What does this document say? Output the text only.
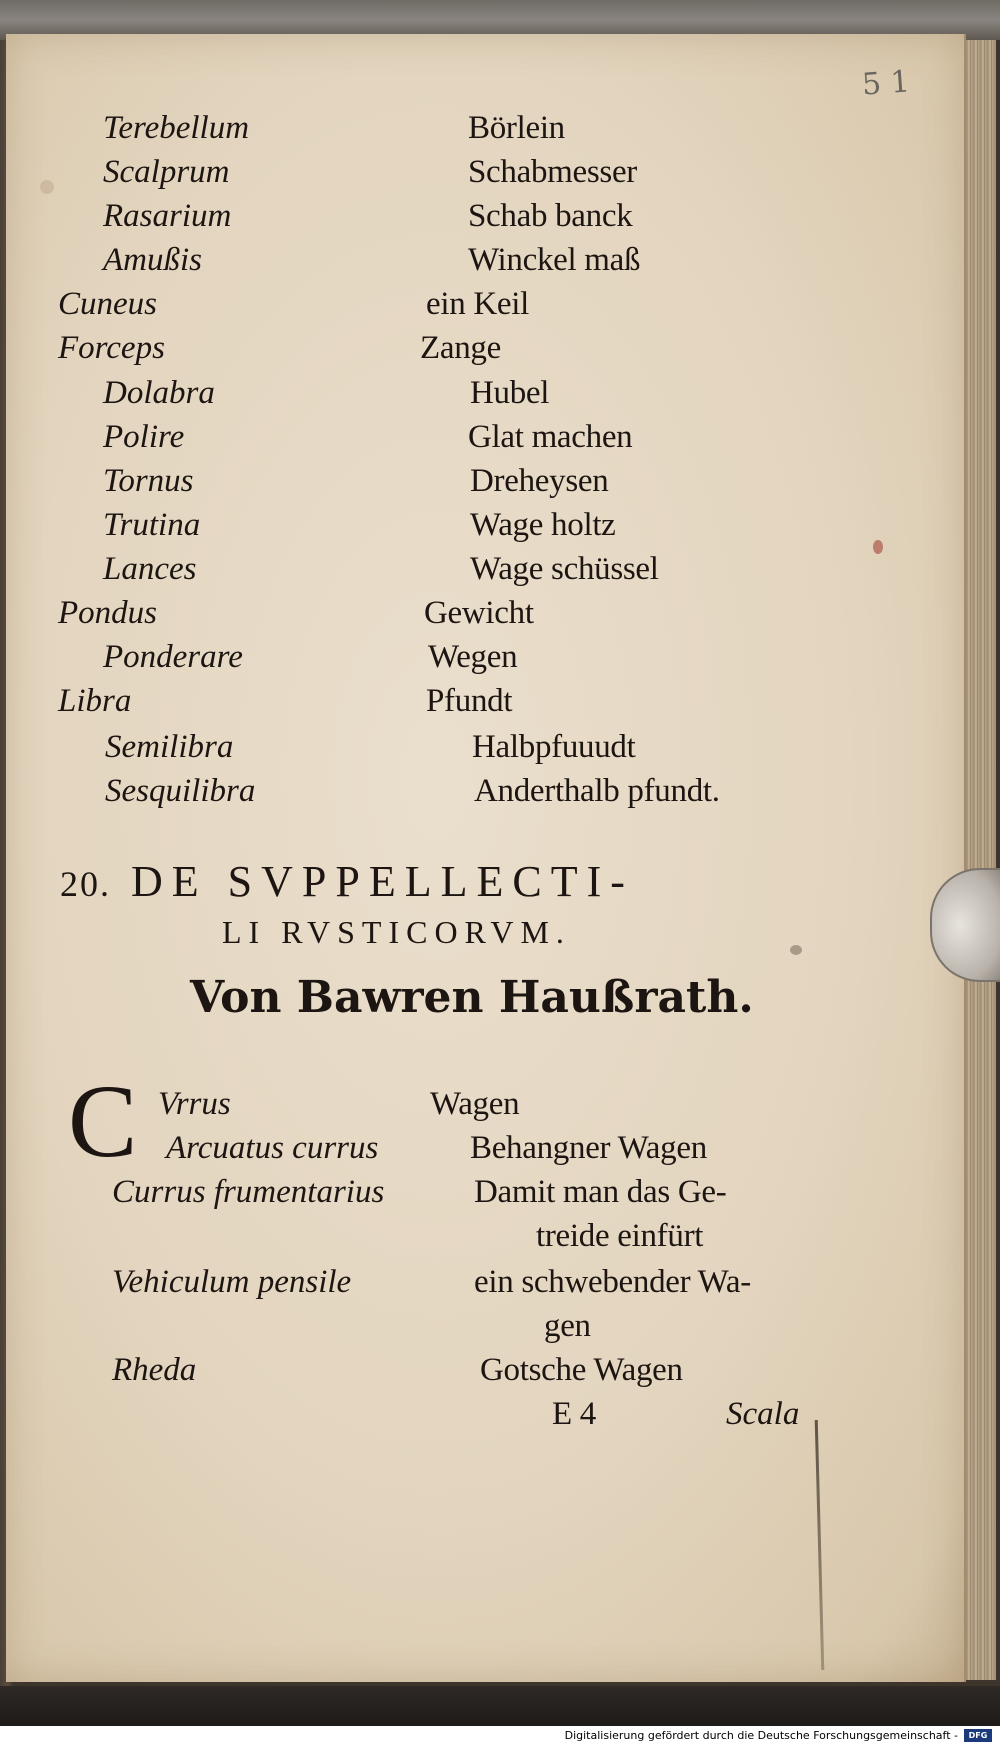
5 1
Terebellum	Börlein
Scalprum	Schabmesser
Rasarium	Schab banck
Amußis	Winckel maß
Cuneus	ein Keil
Forceps	Zange
Dolabra	Hubel
Polire	Glat machen
Tornus	Dreheysen
Trutina	Wage holtz
Lances	Wage schüssel
Pondus	Gewicht
Ponderare	Wegen
Libra	Pfundt
Semilibra	Halbpfuuudt
Sesquilibra	Anderthalb pfundt.
20. DE SVPPELLECTI-
LI RVSTICORVM.
Von Bawren Haußrath.
C Vrrus	Wagen
Arcuatus currus	Behangner Wagen
Currus frumentarius	Damit man das Ge-
treide einfürt
Vehiculum pensile	ein schwebender Wa-
gen
Rheda	Gotsche Wagen
E 4	Scala
Digitalisierung gefördert durch die Deutsche Forschungsgemeinschaft -	DFG
